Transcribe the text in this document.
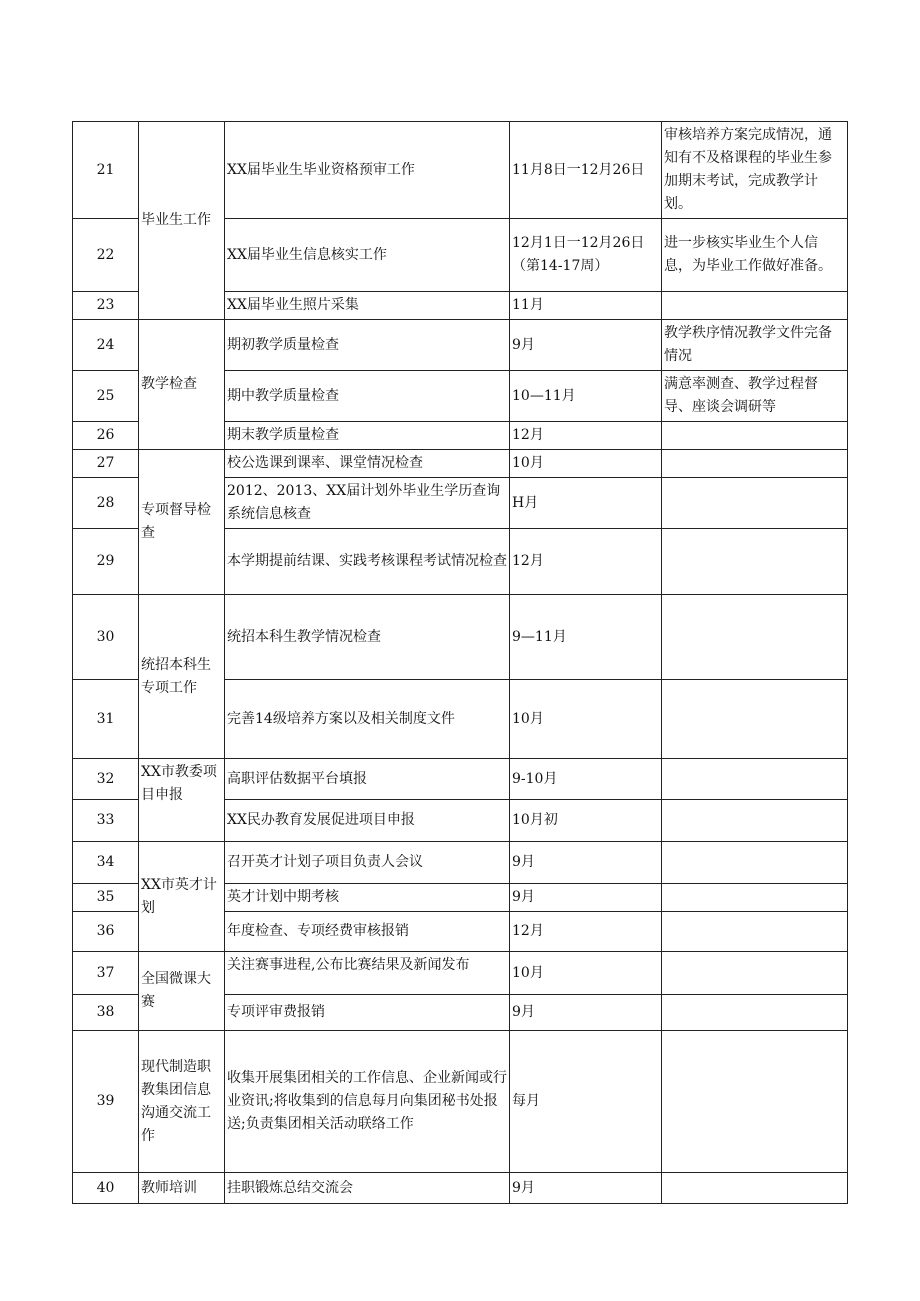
21	毕业生工作	XX届毕业生毕业资格预审工作	11月8日一12月26日	审核培养方案完成情况，通知有不及格课程的毕业生参加期末考试，完成教学计划。
22		XX届毕业生信息核实工作	12月1日一12月26日（第14-17周）	进一步核实毕业生个人信息，为毕业工作做好准备。
23		XX届毕业生照片采集	11月	
24	教学检查	期初教学质量检查	9月	教学秩序情况教学文件完备情况
25		期中教学质量检查	10—11月	满意率测查、教学过程督导、座谈会调研等
26		期末教学质量检查	12月	
27	专项督导检查	校公选课到课率、课堂情况检查	10月	
28		2012、2013、XX届计划外毕业生学历查询系统信息核查	H月	
29		本学期提前结课、实践考核课程考试情况检查	12月	
30	统招本科生专项工作	统招本科生教学情况检查	9—11月	
31		完善14级培养方案以及相关制度文件	10月	
32	XX市教委项目申报	高职评估数据平台填报	9-10月	
33		XX民办教育发展促进项目申报	10月初	
34	XX市英才计划	召开英才计划子项目负责人会议	9月	
35		英才计划中期考核	9月	
36		年度检查、专项经费审核报销	12月	
37	全国微课大赛	关注赛事进程,公布比赛结果及新闻发布	10月	
38		专项评审费报销	9月	
39	现代制造职教集团信息沟通交流工作	收集开展集团相关的工作信息、企业新闻或行业资讯;将收集到的信息每月向集团秘书处报送;负责集团相关活动联络工作	每月	
40	教师培训	挂职锻炼总结交流会	9月	
